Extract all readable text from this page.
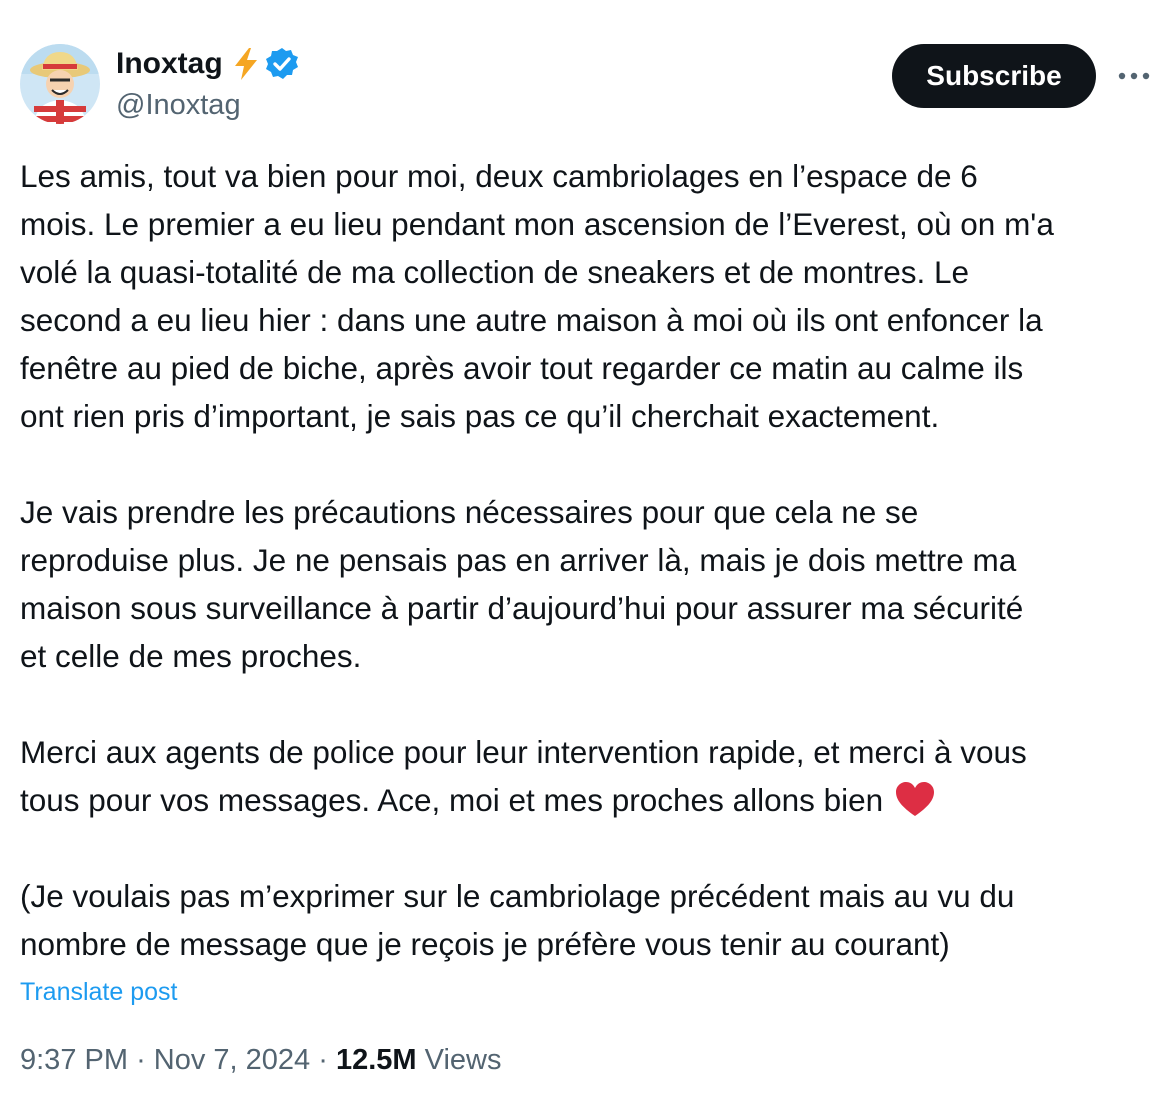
Inoxtag
@Inoxtag
Subscribe

Les amis, tout va bien pour moi, deux cambriolages en l’espace de 6
mois. Le premier a eu lieu pendant mon ascension de l’Everest, où on m'a
volé la quasi-totalité de ma collection de sneakers et de montres. Le
second a eu lieu hier : dans une autre maison à moi où ils ont enfoncer la
fenêtre au pied de biche, après avoir tout regarder ce matin au calme ils
ont rien pris d’important, je sais pas ce qu’il cherchait exactement.

Je vais prendre les précautions nécessaires pour que cela ne se
reproduise plus. Je ne pensais pas en arriver là, mais je dois mettre ma
maison sous surveillance à partir d’aujourd’hui pour assurer ma sécurité
et celle de mes proches.

Merci aux agents de police pour leur intervention rapide, et merci à vous
tous pour vos messages. Ace, moi et mes proches allons bien

(Je voulais pas m’exprimer sur le cambriolage précédent mais au vu du
nombre de message que je reçois je préfère vous tenir au courant)

Translate post
9:37 PM · Nov 7, 2024 · 12.5M Views
